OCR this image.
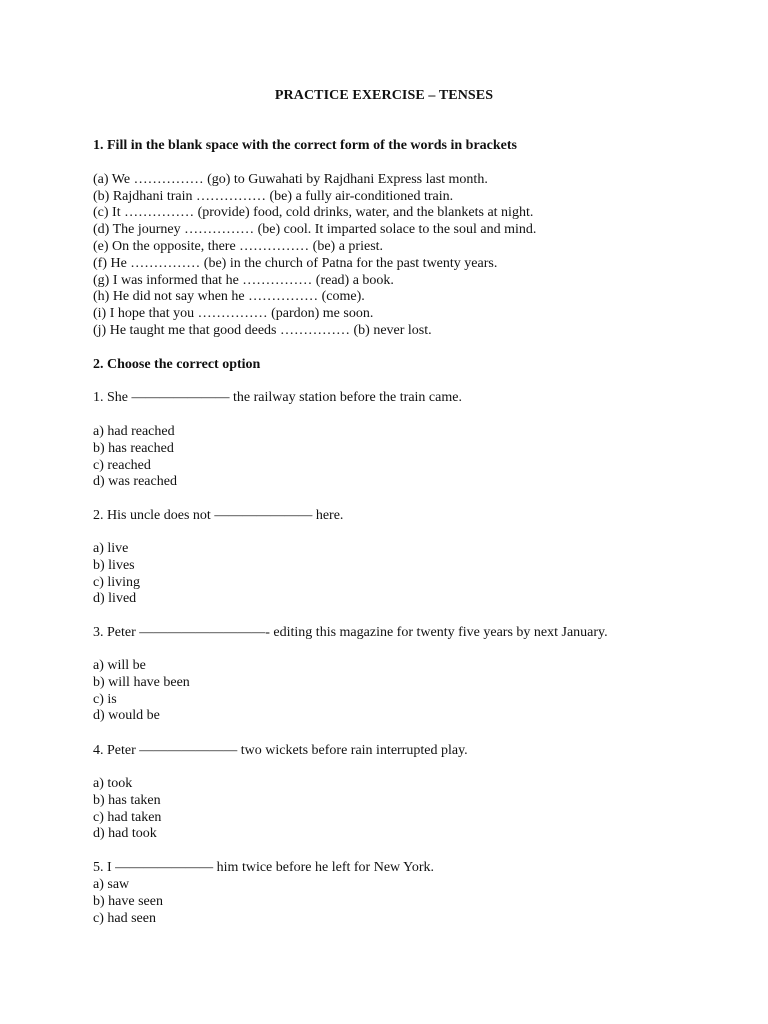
PRACTICE EXERCISE – TENSES
1. Fill in the blank space with the correct form of the words in brackets
(a) We …………… (go) to Guwahati by Rajdhani Express last month.
(b) Rajdhani train …………… (be) a fully air-conditioned train.
(c) It …………… (provide) food, cold drinks, water, and the blankets at night.
(d) The journey …………… (be) cool. It imparted solace to the soul and mind.
(e) On the opposite, there …………… (be) a priest.
(f) He …………… (be) in the church of Patna for the past twenty years.
(g) I was informed that he …………… (read) a book.
(h) He did not say when he …………… (come).
(i) I hope that you …………… (pardon) me soon.
(j) He taught me that good deeds …………… (b) never lost.
2. Choose the correct option
1. She ——————— the railway station before the train came.
a) had reached
b) has reached
c) reached
d) was reached
2. His uncle does not ——————— here.
a) live
b) lives
c) living
d) lived
3. Peter —————————- editing this magazine for twenty five years by next January.
a) will be
b) will have been
c) is
d) would be
4. Peter ——————— two wickets before rain interrupted play.
a) took
b) has taken
c) had taken
d) had took
5. I ——————— him twice before he left for New York.
a) saw
b) have seen
c) had seen
